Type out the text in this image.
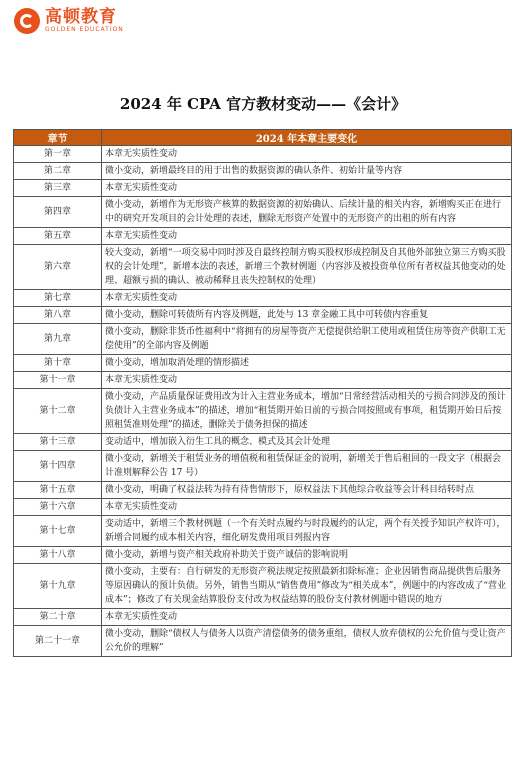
高顿教育
GOLDEN EDUCATION
2024 年 CPA 官方教材变动——《会计》
章节	2024 年本章主要变化
第一章	本章无实质性变动
第二章	微小变动，新增最终目的用于出售的数据资源的确认条件、初始计量等内容
第三章	本章无实质性变动
第四章	微小变动，新增作为无形资产核算的数据资源的初始确认、后续计量的相关内容，新增购买正在进行中的研究开发项目的会计处理的表述，删除无形资产处置中的无形资产的出租的所有内容
第五章	本章无实质性变动
第六章	较大变动，新增“一项交易中同时涉及自最终控制方购买股权形成控制及自其他外部独立第三方购买股权的会计处理”，新增本法的表述，新增三个教材例题（内容涉及被投资单位所有者权益其他变动的处理、超额亏损的确认、被动稀释且丧失控制权的处理）
第七章	本章无实质性变动
第八章	微小变动，删除可转债所有内容及例题，此处与 13 章金融工具中可转债内容重复
第九章	微小变动，删除非货币性福利中“将拥有的房屋等资产无偿提供给职工使用或租赁住房等资产供职工无偿使用”的全部内容及例题
第十章	微小变动，增加取消处理的情形描述
第十一章	本章无实质性变动
第十二章	微小变动，产品质量保证费用改为计入主营业务成本，增加“日常经营活动相关的亏损合同涉及的预计负债计入主营业务成本”的描述，增加“租赁期开始日前的亏损合同按照或有事项，租赁期开始日后按照租赁准则处理”的描述，删除关于债务担保的描述
第十三章	变动适中，增加嵌入衍生工具的概念、模式及其会计处理
第十四章	微小变动，新增关于租赁业务的增值税和租赁保证金的说明，新增关于售后租回的一段文字（根据会计准则解释公告 17 号）
第十五章	微小变动，明确了权益法转为持有待售情形下，原权益法下其他综合收益等会计科目结转时点
第十六章	本章无实质性变动
第十七章	变动适中，新增三个教材例题（一个有关时点履约与时段履约的认定，两个有关授予知识产权许可），新增合同履约成本相关内容，细化研发费用项目列报内容
第十八章	微小变动，新增与资产相关政府补助关于资产诚信的影响说明
第十九章	微小变动，主要有：自行研发的无形资产税法规定按照最新扣除标准；企业因销售商品提供售后服务等原因确认的预计负债。另外，销售当期从“销售费用”修改为“相关成本”，例题中的内容改成了“营业成本”；修改了有关现金结算股份支付改为权益结算的股份支付教材例题中错误的地方
第二十章	本章无实质性变动
第二十一章	微小变动，删除“债权人与债务人以资产清偿债务的债务重组，债权人放弃债权的公允价值与受让资产公允价的理解”
